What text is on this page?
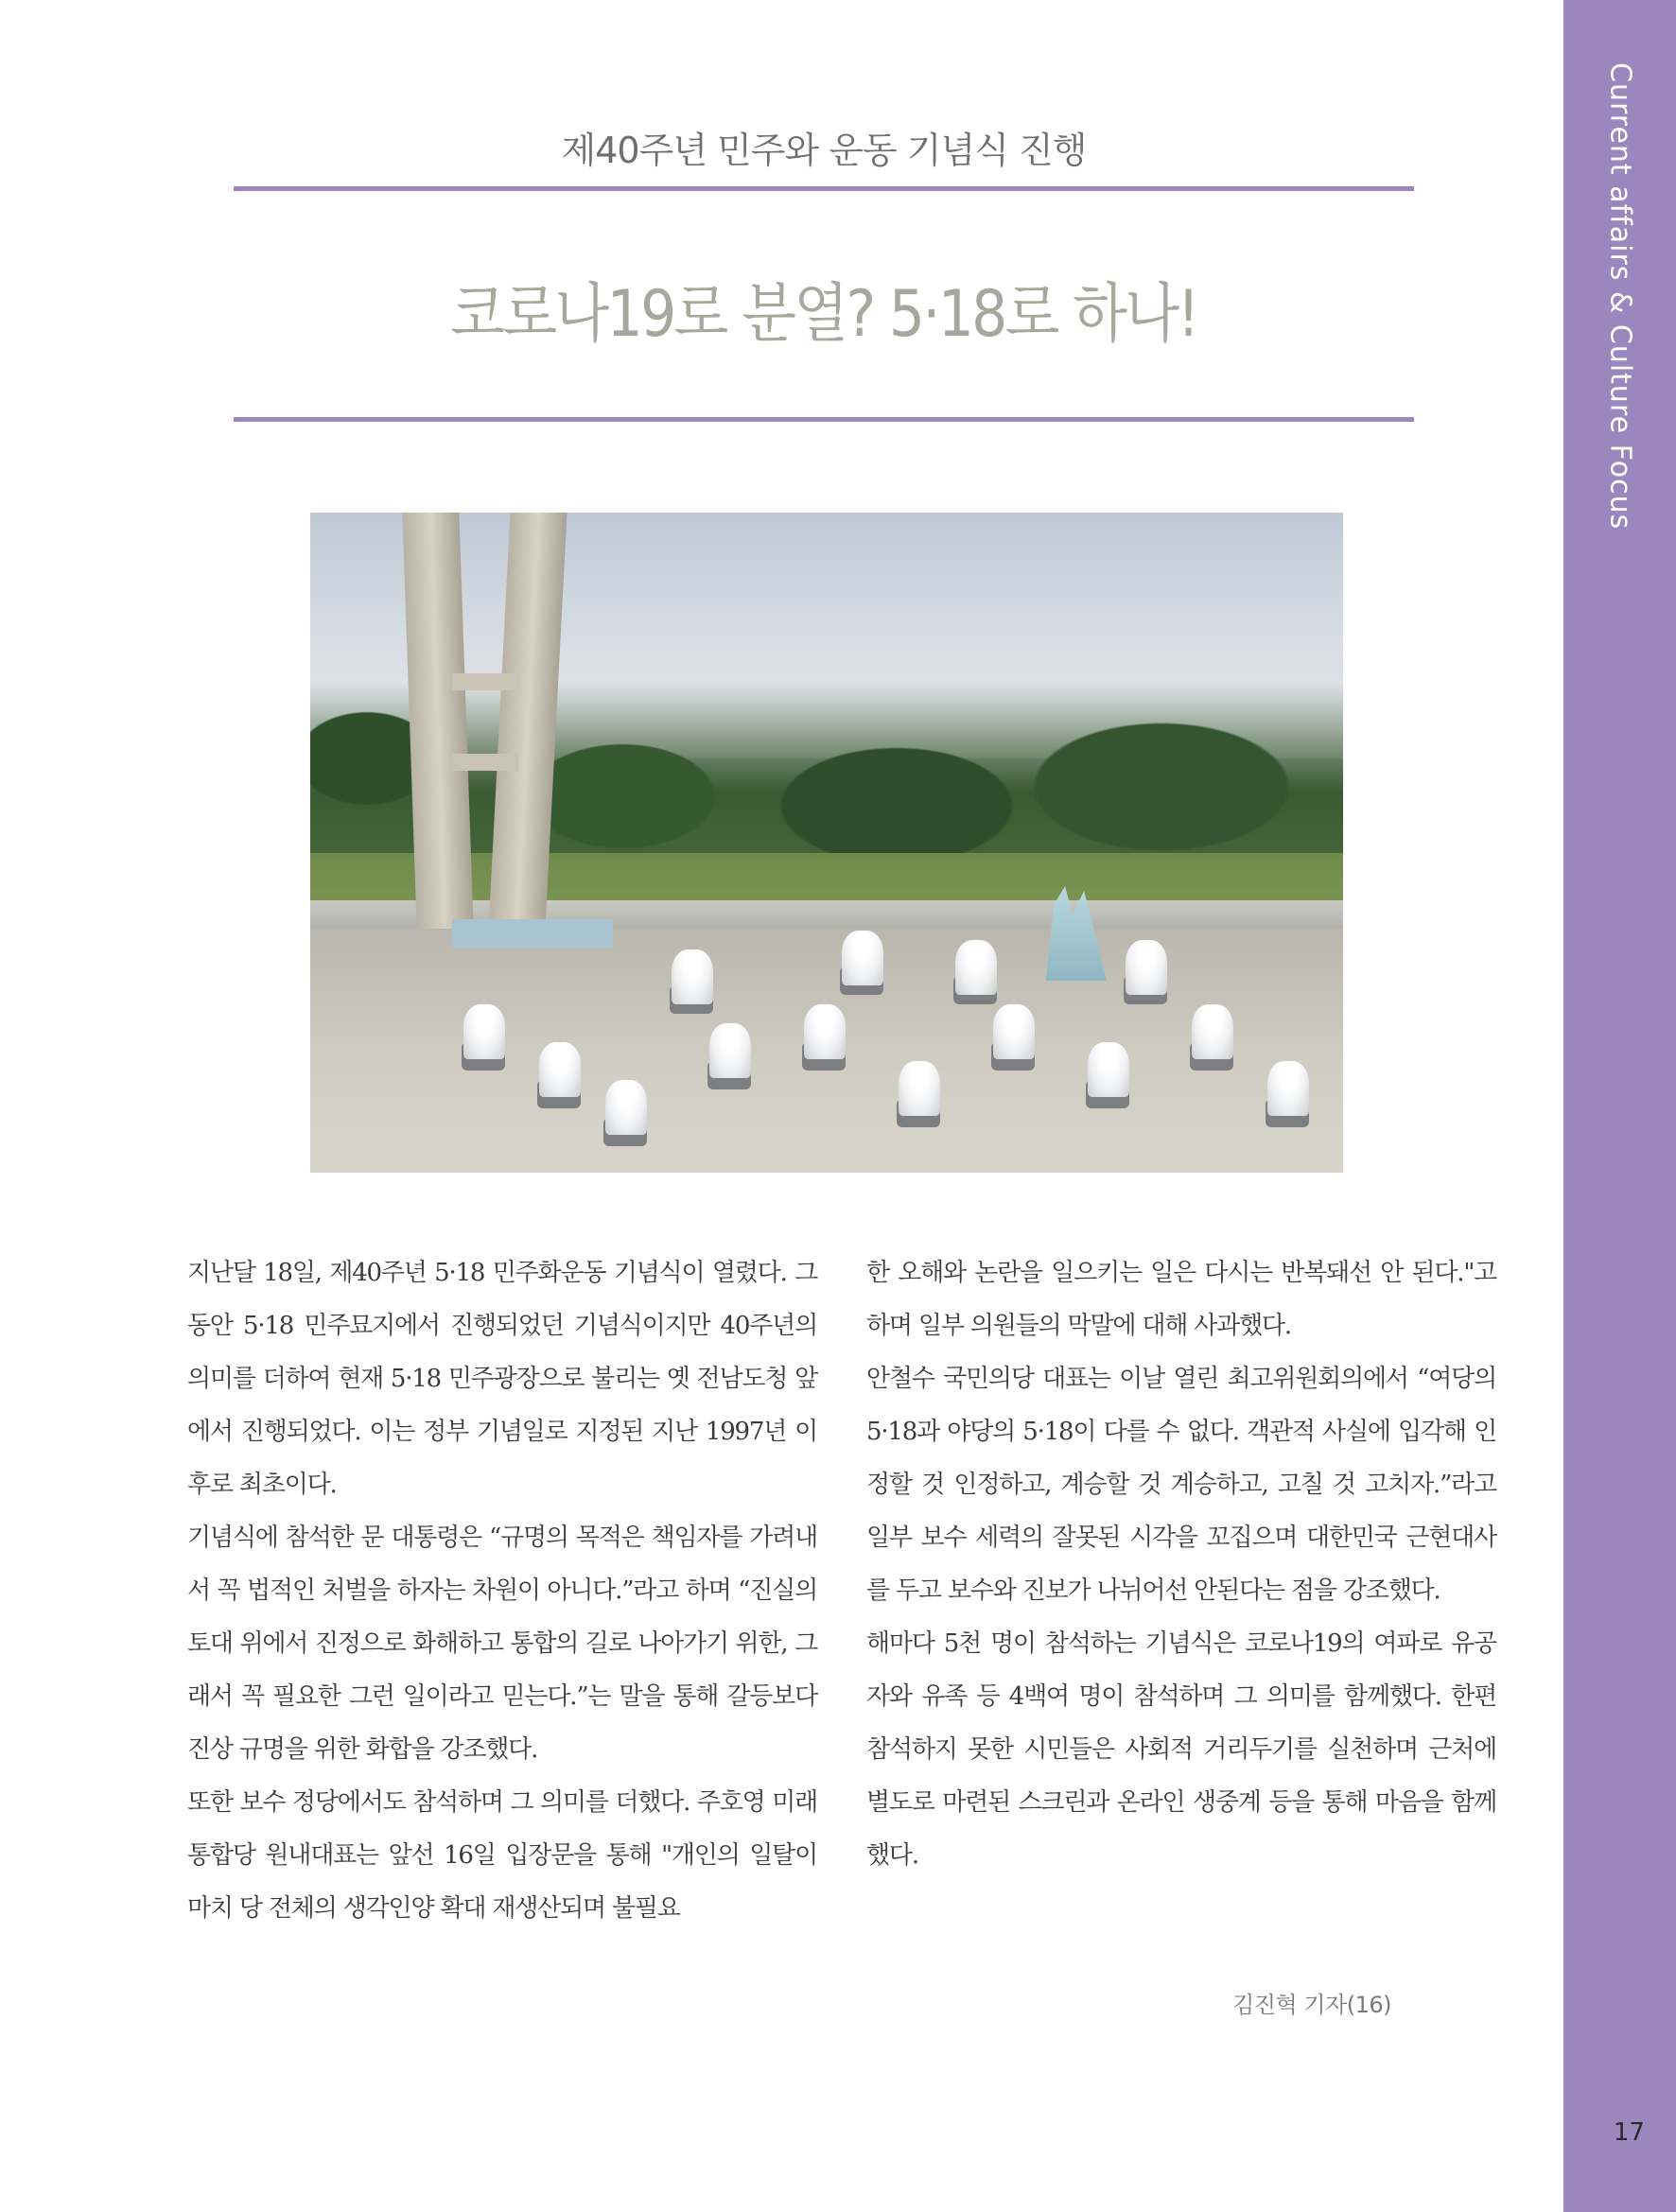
제40주년 민주와 운동 기념식 진행
코로나19로 분열? 5·18로 하나!

지난달 18일, 제40주년 5·18 민주화운동 기념식이 열렸다. 그동안 5·18 민주묘지에서 진행되었던 기념식이지만 40주년의 의미를 더하여 현재 5·18 민주광장으로 불리는 옛 전남도청 앞에서 진행되었다. 이는 정부 기념일로 지정된 지난 1997년 이후로 최초이다.

기념식에 참석한 문 대통령은 “규명의 목적은 책임자를 가려내서 꼭 법적인 처벌을 하자는 차원이 아니다.”라고 하며 “진실의 토대 위에서 진정으로 화해하고 통합의 길로 나아가기 위한, 그래서 꼭 필요한 그런 일이라고 믿는다.”는 말을 통해 갈등보다 진상 규명을 위한 화합을 강조했다.

또한 보수 정당에서도 참석하며 그 의미를 더했다. 주호영 미래통합당 원내대표는 앞선 16일 입장문을 통해 "개인의 일탈이 마치 당 전체의 생각인양 확대 재생산되며 불필요

한 오해와 논란을 일으키는 일은 다시는 반복돼선 안 된다."고 하며 일부 의원들의 막말에 대해 사과했다.

안철수 국민의당 대표는 이날 열린 최고위원회의에서 “여당의 5·18과 야당의 5·18이 다를 수 없다. 객관적 사실에 입각해 인정할 것 인정하고, 계승할 것 계승하고, 고칠 것 고치자.”라고 일부 보수 세력의 잘못된 시각을 꼬집으며 대한민국 근현대사를 두고 보수와 진보가 나뉘어선 안된다는 점을 강조했다.

해마다 5천 명이 참석하는 기념식은 코로나19의 여파로 유공자와 유족 등 4백여 명이 참석하며 그 의미를 함께했다. 한편 참석하지 못한 시민들은 사회적 거리두기를 실천하며 근처에 별도로 마련된 스크린과 온라인 생중계 등을 통해 마음을 함께했다.

김진혁 기자(16)
Current affairs & Culture Focus
17
